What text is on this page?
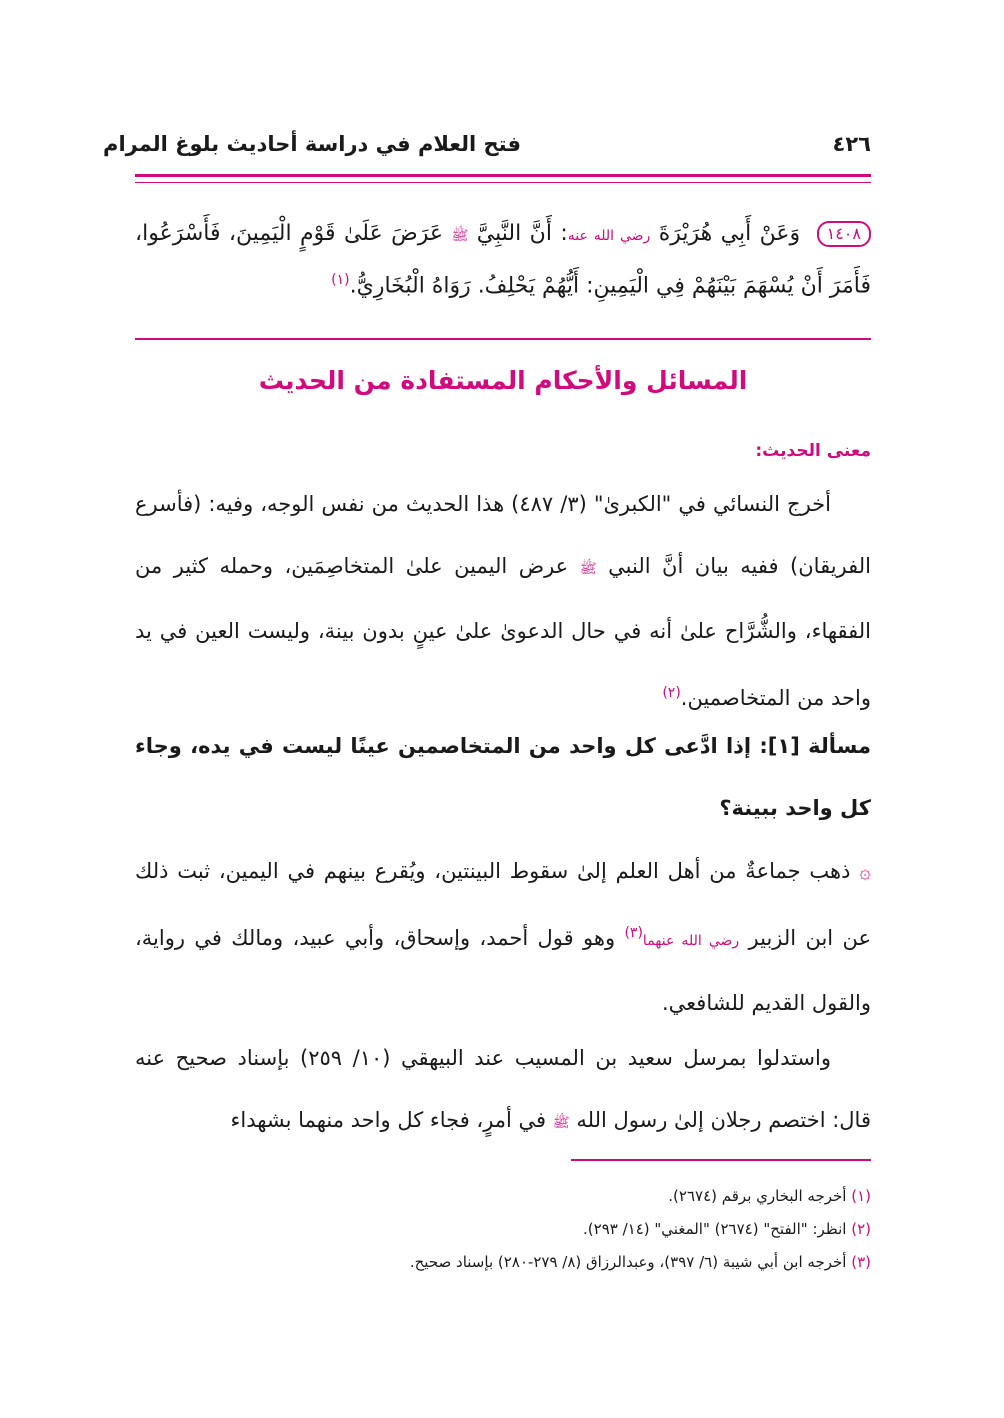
٤٢٦
فتح العلام في دراسة أحاديث بلوغ المرام
١٤٠٨ وَعَنْ أَبِي هُرَيْرَةَ رضي الله عنه: أَنَّ النَّبِيَّ ﷺ عَرَضَ عَلَىٰ قَوْمٍ الْيَمِينَ، فَأَسْرَعُوا، فَأَمَرَ أَنْ يُسْهَمَ بَيْنَهُمْ فِي الْيَمِينِ: أَيُّهُمْ يَحْلِفُ. رَوَاهُ الْبُخَارِيُّ.$^{(١)}$
المسائل والأحكام المستفادة من الحديث
معنى الحديث:
أخرج النسائي في "الكبرىٰ" (٣/ ٤٨٧) هذا الحديث من نفس الوجه، وفيه: (فأسرع الفريقان) ففيه بيان أنَّ النبي ﷺ عرض اليمين علىٰ المتخاصِمَين، وحمله كثير من الفقهاء، والشُّرَّاح علىٰ أنه في حال الدعوىٰ علىٰ عينٍ بدون بينة، وليست العين في يد واحد من المتخاصمين.$^{(٢)}$
مسألة [١]: إذا ادَّعى كل واحد من المتخاصمين عينًا ليست في يده، وجاء كل واحد ببينة؟
۞ ذهب جماعةٌ من أهل العلم إلىٰ سقوط البينتين، ويُقرع بينهم في اليمين، ثبت ذلك عن ابن الزبير رضي الله عنهما$^{(٣)}$ وهو قول أحمد، وإسحاق، وأبي عبيد، ومالك في رواية، والقول القديم للشافعي.
واستدلوا بمرسل سعيد بن المسيب عند البيهقي (١٠/ ٢٥٩) بإسناد صحيح عنه قال: اختصم رجلان إلىٰ رسول الله ﷺ في أمرٍ، فجاء كل واحد منهما بشهداء
(١) أخرجه البخاري برقم (٢٦٧٤).
(٢) انظر: "الفتح" (٢٦٧٤) "المغني" (١٤/ ٢٩٣).
(٣) أخرجه ابن أبي شيبة (٦/ ٣٩٧)، وعبدالرزاق (٨/ ٢٧٩-٢٨٠) بإسناد صحيح.
